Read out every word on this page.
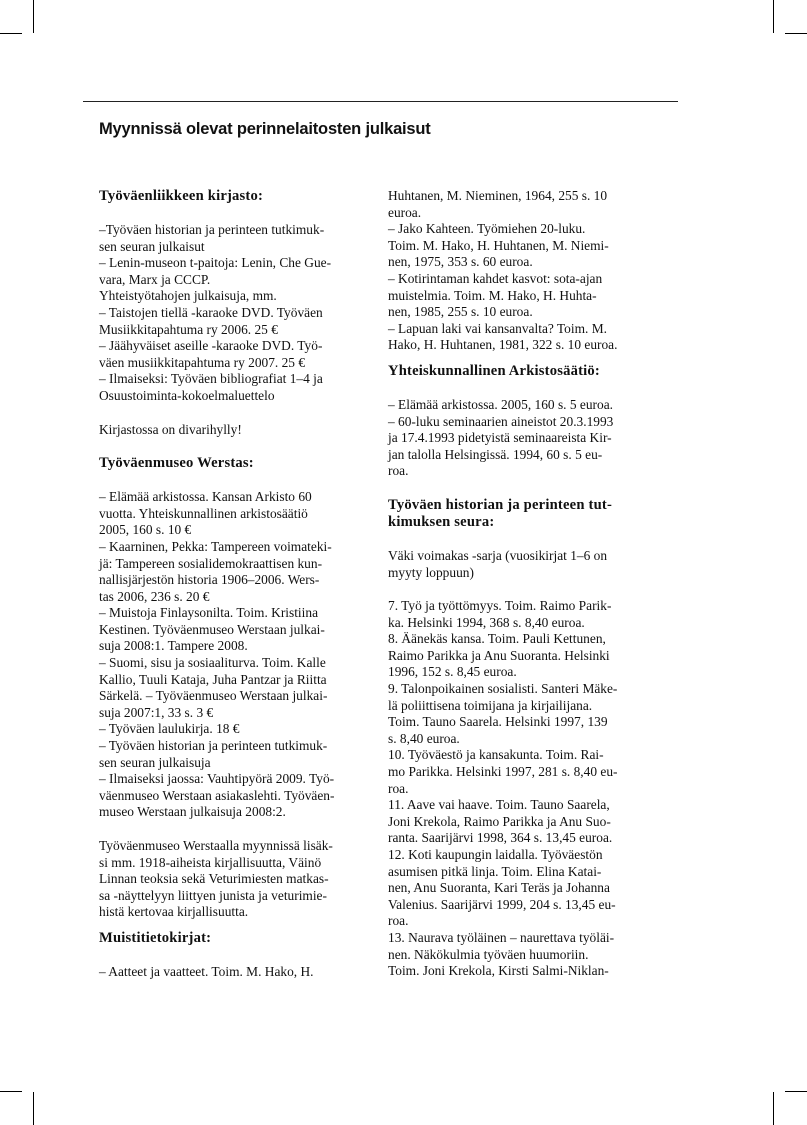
Myynnissä olevat perinnelaitosten julkaisut
Työväenliikkeen kirjasto:

–Työväen historian ja perinteen tutkimuk-
sen seuran julkaisut
– Lenin-museon t-paitoja: Lenin, Che Gue-
vara, Marx ja CCCP.
Yhteistyötahojen julkaisuja, mm.
– Taistojen tiellä -karaoke DVD. Työväen
Musiikkitapahtuma ry 2006. 25 €
– Jäähyväiset aseille -karaoke DVD. Työ-
väen musiikkitapahtuma ry 2007. 25 €
– Ilmaiseksi: Työväen bibliografiat 1–4 ja
Osuustoiminta-kokoelmaluettelo

Kirjastossa on divarihylly!

Työväenmuseo Werstas:

– Elämää arkistossa. Kansan Arkisto 60
vuotta. Yhteiskunnallinen arkistosäätiö
2005, 160 s. 10 €
– Kaarninen, Pekka: Tampereen voimateki-
jä: Tampereen sosialidemokraattisen kun-
nallisjärjestön historia 1906–2006. Wers-
tas 2006, 236 s. 20 €
– Muistoja Finlaysonilta. Toim. Kristiina
Kestinen. Työväenmuseo Werstaan julkai-
suja 2008:1. Tampere 2008.
– Suomi, sisu ja sosiaaliturva. Toim. Kalle
Kallio, Tuuli Kataja, Juha Pantzar ja Riitta
Särkelä. – Työväenmuseo Werstaan julkai-
suja 2007:1, 33 s. 3 €
– Työväen laulukirja. 18 €
– Työväen historian ja perinteen tutkimuk-
sen seuran julkaisuja
– Ilmaiseksi jaossa: Vauhtipyörä 2009. Työ-
väenmuseo Werstaan asiakaslehti. Työväen-
museo Werstaan julkaisuja 2008:2.

Työväenmuseo Werstaalla myynnissä lisäk-
si mm. 1918-aiheista kirjallisuutta, Väinö
Linnan teoksia sekä Veturimiesten matkas-
sa -näyttelyyn liittyen junista ja veturimie-
histä kertovaa kirjallisuutta.

Muistitietokirjat:

– Aatteet ja vaatteet. Toim. M. Hako, H.

Huhtanen, M. Nieminen, 1964, 255 s. 10
euroa.
– Jako Kahteen. Työmiehen 20-luku.
Toim. M. Hako, H. Huhtanen, M. Niemi-
nen, 1975, 353 s. 60 euroa.
– Kotirintaman kahdet kasvot: sota-ajan
muistelmia. Toim. M. Hako, H. Huhta-
nen, 1985, 255 s. 10 euroa.
– Lapuan laki vai kansanvalta? Toim. M.
Hako, H. Huhtanen, 1981, 322 s. 10 euroa.

Yhteiskunnallinen Arkistosäätiö:

– Elämää arkistossa. 2005, 160 s. 5 euroa.
– 60-luku seminaarien aineistot 20.3.1993
ja 17.4.1993 pidetyistä seminaareista Kir-
jan talolla Helsingissä. 1994, 60 s. 5 eu-
roa.

Työväen historian ja perinteen tut-
kimuksen seura:

Väki voimakas -sarja (vuosikirjat 1–6 on
myyty loppuun)

7. Työ ja työttömyys. Toim. Raimo Parik-
ka. Helsinki 1994, 368 s. 8,40 euroa.
8. Äänekäs kansa. Toim. Pauli Kettunen,
Raimo Parikka ja Anu Suoranta. Helsinki
1996, 152 s. 8,45 euroa.
9. Talonpoikainen sosialisti. Santeri Mäke-
lä poliittisena toimijana ja kirjailijana.
Toim. Tauno Saarela. Helsinki 1997, 139
s. 8,40 euroa.
10. Työväestö ja kansakunta. Toim. Rai-
mo Parikka. Helsinki 1997, 281 s. 8,40 eu-
roa.
11. Aave vai haave. Toim. Tauno Saarela,
Joni Krekola, Raimo Parikka ja Anu Suo-
ranta. Saarijärvi 1998, 364 s. 13,45 euroa.
12. Koti kaupungin laidalla. Työväestön
asumisen pitkä linja. Toim. Elina Katai-
nen, Anu Suoranta, Kari Teräs ja Johanna
Valenius. Saarijärvi 1999, 204 s. 13,45 eu-
roa.
13. Naurava työläinen – naurettava työläi-
nen. Näkökulmia työväen huumoriin.
Toim. Joni Krekola, Kirsti Salmi-Niklan-
